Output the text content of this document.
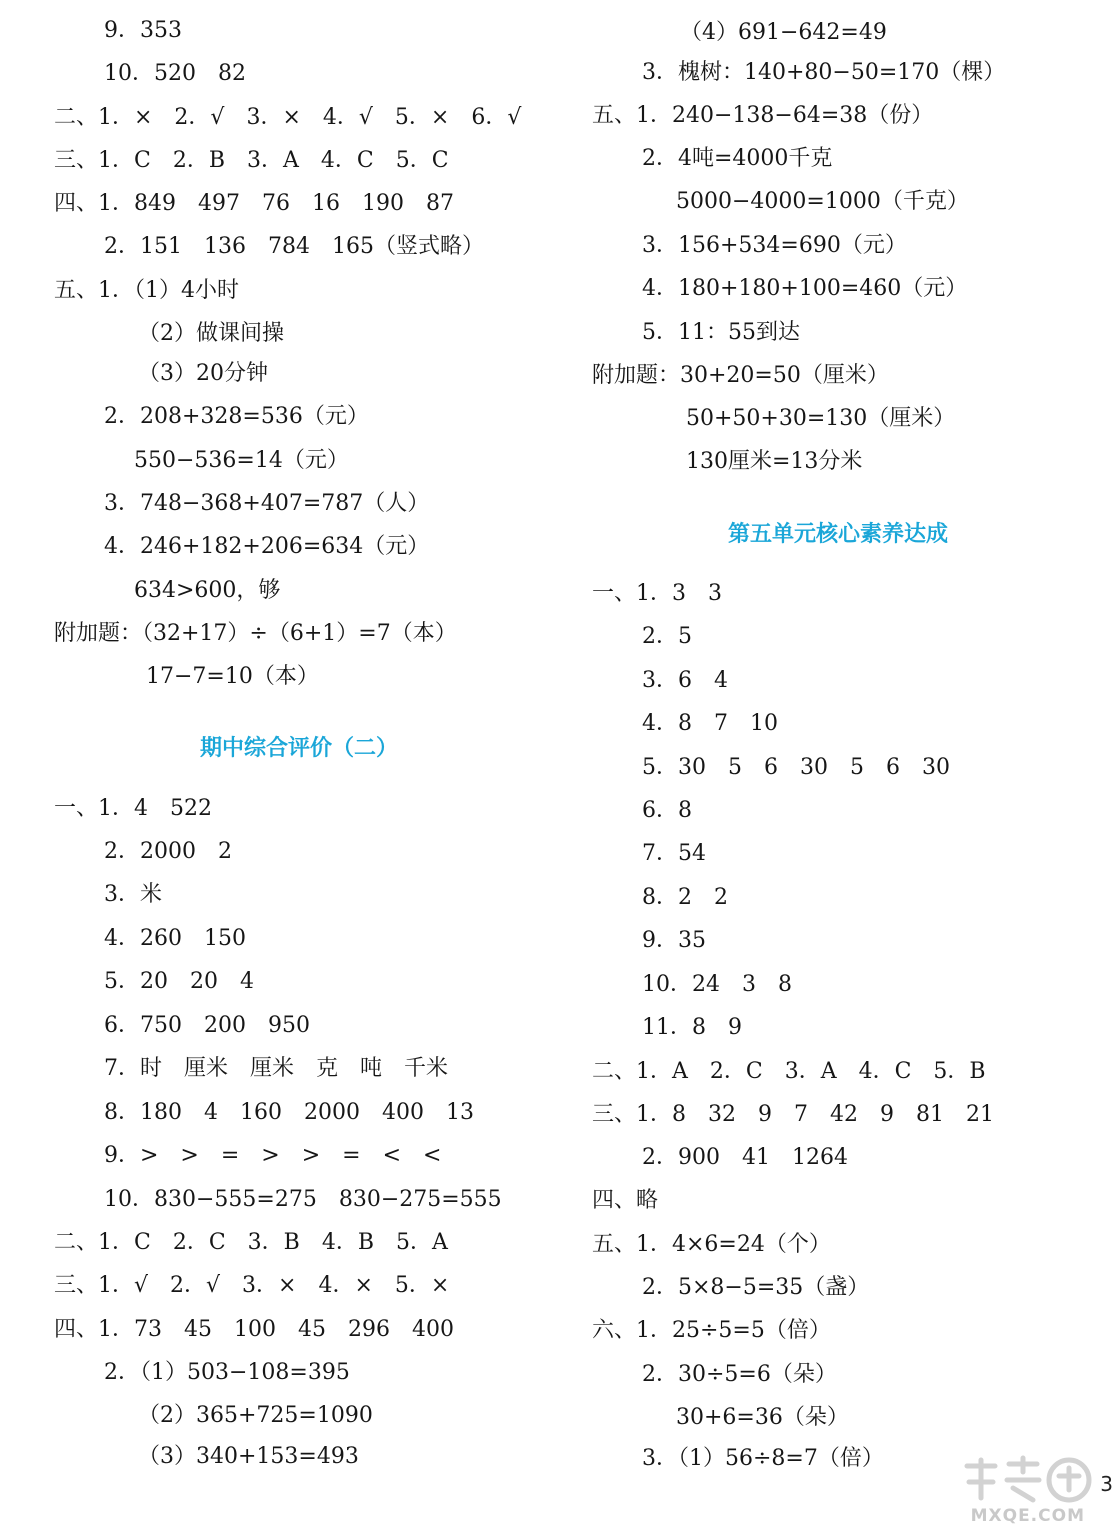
9．353
10．520　82
二、1．×　2．√　3．×　4．√　5．×　6．√
三、1．C　2．B　3．A　4．C　5．C
四、1．849　497　76　16　190　87
2．151　136　784　165（竖式略）
五、1．（1）4小时
（2）做课间操
（3）20分钟
2．208+328=536（元）
550−536=14（元）
3．748−368+407=787（人）
4．246+182+206=634（元）
634>600，够
附加题：（32+17）÷（6+1）=7（本）
17−7=10（本）
期中综合评价（二）
一、1．4　522
2．2000　2
3．米
4．260　150
5．20　20　4
6．750　200　950
7．时　厘米　厘米　克　吨　千米
8．180　4　160　2000　400　13
9．>　>　=　>　>　=　<　<
10．830−555=275　830−275=555
二、1．C　2．C　3．B　4．B　5．A
三、1．√　2．√　3．×　4．×　5．×
四、1．73　45　100　45　296　400
2．（1）503−108=395
（2）365+725=1090
（3）340+153=493
（4）691−642=49
3．槐树：140+80−50=170（棵）
五、1．240−138−64=38（份）
2．4吨=4000千克
5000−4000=1000（千克）
3．156+534=690（元）
4．180+180+100=460（元）
5．11：55到达
附加题：30+20=50（厘米）
50+50+30=130（厘米）
130厘米=13分米
第五单元核心素养达成
一、1．3　3
2．5
3．6　4
4．8　7　10
5．30　5　6　30　5　6　30
6．8
7．54
8．2　2
9．35
10．24　3　8
11．8　9
二、1．A　2．C　3．A　4．C　5．B
三、1．8　32　9　7　42　9　81　21
2．900　41　1264
四、略
五、1．4×6=24（个）
2．5×8−5=35（盏）
六、1．25÷5=5（倍）
2．30÷5=6（朵）
30+6=36（朵）
3．（1）56÷8=7（倍）
MXQE.COM
3
